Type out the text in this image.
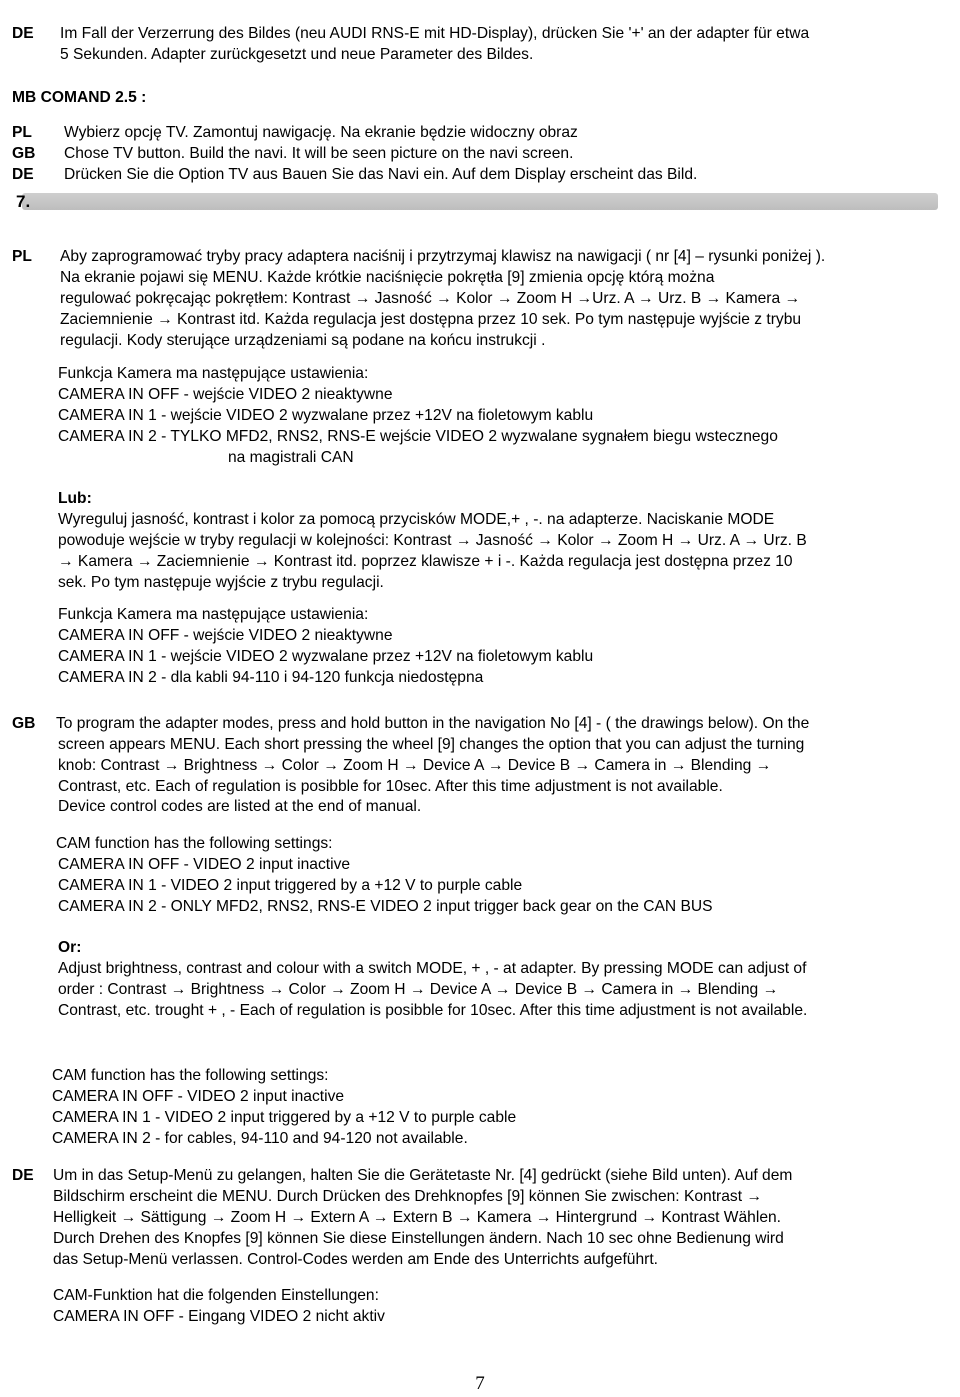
DE Im Fall der Verzerrung des Bildes (neu AUDI RNS-E mit HD-Display), drücken Sie '+' an der adapter für etwa
5 Sekunden. Adapter zurückgesetzt und neue Parameter des Bildes.
MB COMAND 2.5 :
PL
GB
DE
Wybierz opcję TV. Zamontuj nawigację. Na ekranie będzie widoczny obraz
Chose TV button. Build the navi. It will be seen picture on the navi screen.
Drücken Sie die Option TV aus Bauen Sie das Navi ein. Auf dem Display erscheint das Bild.
7.
PL Aby zaprogramować tryby pracy adaptera naciśnij i przytrzymaj klawisz na nawigacji ( nr [4] – rysunki poniżej ).
Na ekranie pojawi się MENU. Każde krótkie naciśnięcie pokrętła [9] zmienia opcję którą można
regulować pokręcając pokrętłem: Kontrast → Jasność → Kolor → Zoom H →Urz. A → Urz. B → Kamera →
Zaciemnienie → Kontrast itd. Każda regulacja jest dostępna przez 10 sek. Po tym następuje wyjście z trybu
regulacji. Kody sterujące urządzeniami są podane na końcu instrukcji .
Funkcja Kamera ma następujące ustawienia:
CAMERA IN OFF - wejście VIDEO 2 nieaktywne
CAMERA IN 1 - wejście VIDEO 2 wyzwalane przez +12V na fioletowym kablu
CAMERA IN 2 - TYLKO MFD2, RNS2, RNS-E wejście VIDEO 2 wyzwalane sygnałem biegu wstecznego
na magistrali CAN
Lub:
Wyreguluj jasność, kontrast i kolor za pomocą przycisków MODE,+ , -. na adapterze. Naciskanie MODE
powoduje wejście w tryby regulacji w kolejności: Kontrast → Jasność → Kolor → Zoom H → Urz. A → Urz. B
→ Kamera → Zaciemnienie → Kontrast itd. poprzez klawisze + i -. Każda regulacja jest dostępna przez 10
sek. Po tym następuje wyjście z trybu regulacji.
Funkcja Kamera ma następujące ustawienia:
CAMERA IN OFF - wejście VIDEO 2 nieaktywne
CAMERA IN 1 - wejście VIDEO 2 wyzwalane przez +12V na fioletowym kablu
CAMERA IN 2 - dla kabli 94-110 i 94-120 funkcja niedostępna
GB To program the adapter modes, press and hold button in the navigation No [4] - ( the drawings below). On the
screen appears MENU. Each short pressing the wheel [9] changes the option that you can adjust the turning
knob: Contrast → Brightness → Color → Zoom H → Device A → Device B → Camera in → Blending →
Contrast, etc. Each of regulation is posibble for 10sec. After this time adjustment is not available.
Device control codes are listed at the end of manual.
CAM function has the following settings:
CAMERA IN OFF - VIDEO 2 input inactive
CAMERA IN 1 - VIDEO 2 input triggered by a +12 V to purple cable
CAMERA IN 2 - ONLY MFD2, RNS2, RNS-E VIDEO 2 input trigger back gear on the CAN BUS
Or:
Adjust brightness, contrast and colour with a switch MODE, + , - at adapter. By pressing MODE can adjust of
order : Contrast → Brightness → Color → Zoom H → Device A → Device B → Camera in → Blending →
Contrast, etc. trought + , - Each of regulation is posibble for 10sec. After this time adjustment is not available.
CAM function has the following settings:
CAMERA IN OFF - VIDEO 2 input inactive
CAMERA IN 1 - VIDEO 2 input triggered by a +12 V to purple cable
CAMERA IN 2 - for cables, 94-110 and 94-120 not available.
DE Um in das Setup-Menü zu gelangen, halten Sie die Gerätetaste Nr. [4] gedrückt (siehe Bild unten). Auf dem
Bildschirm erscheint die MENU. Durch Drücken des Drehknopfes [9] können Sie zwischen: Kontrast →
Helligkeit → Sättigung → Zoom H → Extern A → Extern B → Kamera → Hintergrund → Kontrast Wählen.
Durch Drehen des Knopfes [9] können Sie diese Einstellungen ändern. Nach 10 sec ohne Bedienung wird
das Setup-Menü verlassen. Control-Codes werden am Ende des Unterrichts aufgeführt.
CAM-Funktion hat die folgenden Einstellungen:
CAMERA IN OFF - Eingang VIDEO 2 nicht aktiv
7
